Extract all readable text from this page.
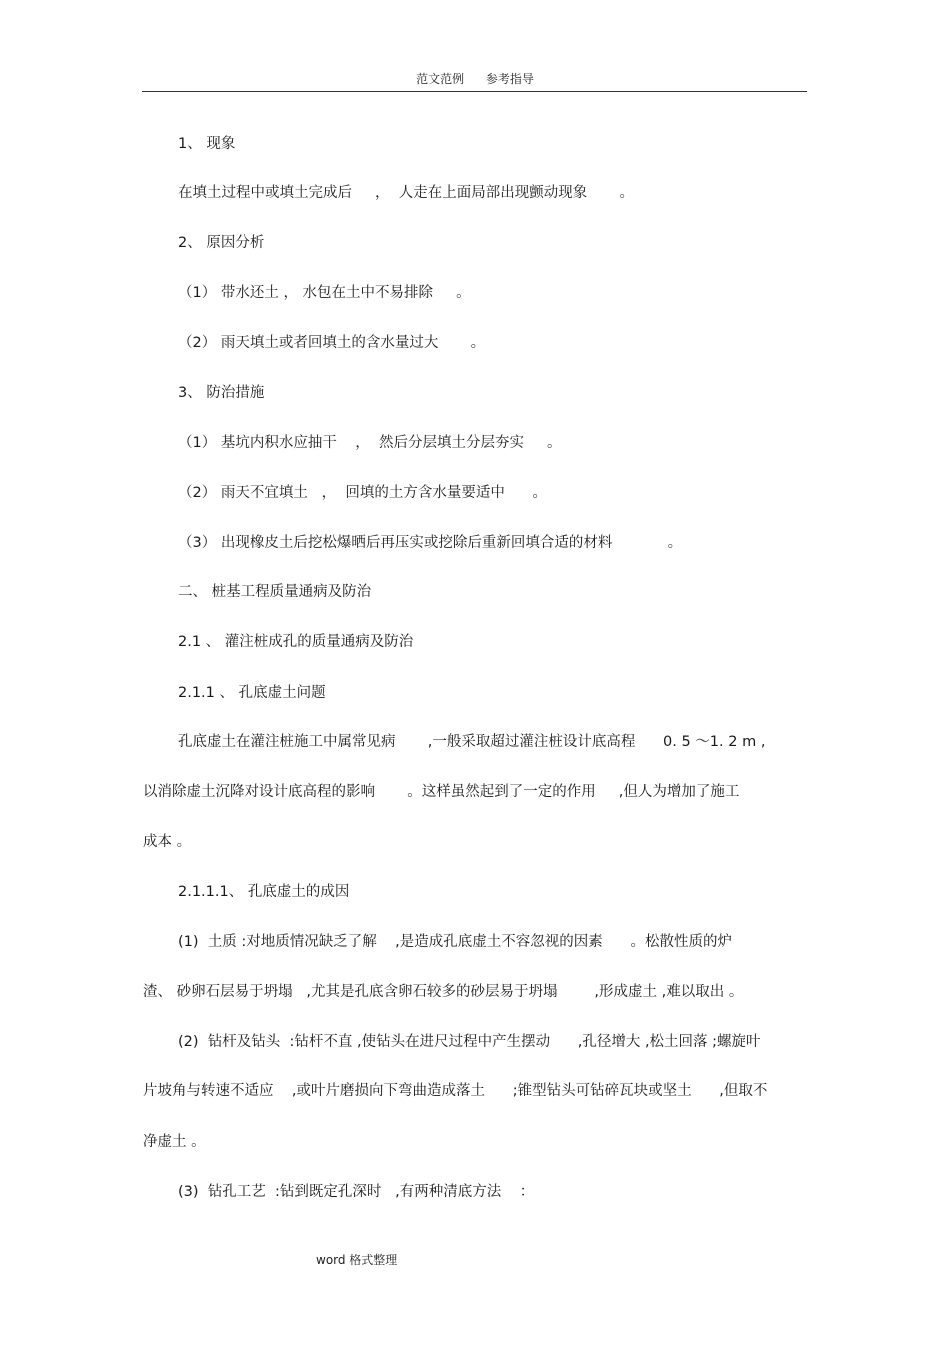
范文范例 参考指导
1、 现象
在填土过程中或填土完成后     ，  人走在上面局部出现颤动现象       。
2、 原因分析
（1） 带水还土 ， 水包在土中不易排除     。
（2） 雨天填土或者回填土的含水量过大       。
3、 防治措施
（1） 基坑内积水应抽干    ，  然后分层填土分层夯实     。
（2） 雨天不宜填土   ，  回填的土方含水量要适中      。
（3） 出现橡皮土后挖松爆晒后再压实或挖除后重新回填合适的材料            。
二、 桩基工程质量通病及防治
2.1 、 灌注桩成孔的质量通病及防治
2.1.1 、 孔底虚土问题
孔底虚土在灌注桩施工中属常见病       ,一般采取超过灌注桩设计底高程      0. 5 ～1. 2 m ,
以消除虚土沉降对设计底高程的影响       。这样虽然起到了一定的作用     ,但人为增加了施工
成本 。
2.1.1.1、 孔底虚土的成因
(1)  土质 :对地质情况缺乏了解    ,是造成孔底虚土不容忽视的因素      。松散性质的炉
渣、 砂卵石层易于坍塌   ,尤其是孔底含卵石较多的砂层易于坍塌        ,形成虚土 ,难以取出 。
(2)  钻杆及钻头  :钻杆不直 ,使钻头在进尺过程中产生摆动      ,孔径增大 ,松土回落 ;螺旋叶
片坡角与转速不适应    ,或叶片磨损向下弯曲造成落土      ;锥型钻头可钻碎瓦块或坚土      ,但取不
净虚土 。
(3)  钻孔工艺  :钻到既定孔深时   ,有两种清底方法    ：
word 格式整理
